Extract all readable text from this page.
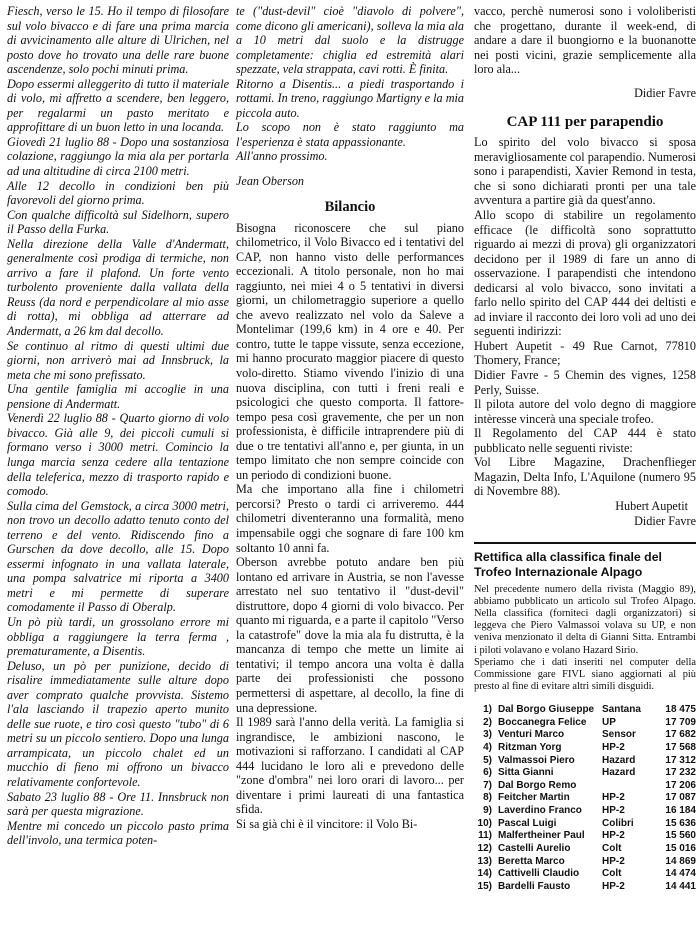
Fiesch, verso le 15. Ho il tempo di filosofare sul volo bivacco e di fare una prima marcia di avvicinamento alle alture di Ulrichen, nel posto dove ho trovato una delle rare buone ascendenze, solo pochi minuti prima.

Dopo essermi alleggerito di tutto il materiale di volo, mi affretto a scendere, ben leggero, per regalarmi un pasto meritato e approfittare di un buon letto in una locanda.

Giovedì 21 luglio 88 - Dopo una sostanziosa colazione, raggiungo la mia ala per portarla ad una altitudine di circa 2100 metri.

Alle 12 decollo in condizioni ben più favorevoli del giorno prima.

Con qualche difficoltà sul Sidelhorn, supero il Passo della Furka.

Nella direzione della Valle d'Andermatt, generalmente così prodiga di termiche, non arrivo a fare il plafond. Un forte vento turbolento proveniente dalla vallata della Reuss (da nord e perpendicolare al mio asse di rotta), mi obbliga ad atterrare ad Andermatt, a 26 km dal decollo.

Se continuo al ritmo di questi ultimi due giorni, non arriverò mai ad Innsbruck, la meta che mi sono prefissato.

Una gentile famiglia mi accoglie in una pensione di Andermatt.

Venerdì 22 luglio 88 - Quarto giorno di volo bivacco. Già alle 9, dei piccoli cumuli si formano verso i 3000 metri. Comincio la lunga marcia senza cedere alla tentazione della teleferica, mezzo di trasporto rapido e comodo.

Sulla cima del Gemstock, a circa 3000 metri, non trovo un decollo adatto tenuto conto del terreno e del vento. Ridiscendo fino a Gurschen da dove decollo, alle 15. Dopo essermi infognato in una vallata laterale, una pompa salvatrice mi riporta a 3400 metri e mi permette di superare comodamente il Passo di Oberalp.

Un pò più tardi, un grossolano errore mi obbliga a raggiungere la terra ferma , prematuramente, a Disentis.

Deluso, un pò per punizione, decido di risalire immediatamente sulle alture dopo aver comprato qualche provvista. Sistemo l'ala lasciando il trapezio aperto munito delle sue ruote, e tiro così questo "tubo" di 6 metri su un piccolo sentiero. Dopo una lunga arrampicata, un piccolo chalet ed un mucchio di fieno mi offrono un bivacco relativamente confortevole.

Sabato 23 luglio 88 - Ore 11. Innsbruck non sarà per questa migrazione.

Mentre mi concedo un piccolo pasto prima dell'involo, una termica poten-

te ("dust-devil" cioè "diavolo di polvere", come dicono gli americani), solleva la mia ala a 10 metri dal suolo e la distrugge completamente: chiglia ed estremità alari spezzate, vela strappata, cavi rotti. È finita.

Ritorno a Disentis... a piedi trasportando i rottami. In treno, raggiungo Martigny e la mia piccola auto.

Lo scopo non è stato raggiunto ma l'esperienza è stata appassionante.

All'anno prossimo.

Jean Oberson
Bilancio

Bisogna riconoscere che sul piano chilometrico, il Volo Bivacco ed i tentativi del CAP, non hanno visto delle performances eccezionali. A titolo personale, non ho mai raggiunto, nei miei 4 o 5 tentativi in diversi giorni, un chilometraggio superiore a quello che avevo realizzato nel volo da Saleve a Montelimar (199,6 km) in 4 ore e 40. Per contro, tutte le tappe vissute, senza eccezione, mi hanno procurato maggior piacere di questo volo-diretto. Stiamo vivendo l'inizio di una nuova disciplina, con tutti i freni reali e psicologici che questo comporta. Il fattore-tempo pesa così gravemente, che per un non professionista, è difficile intraprendere più di due o tre tentativi all'anno e, per giunta, in un tempo limitato che non sempre coincide con un periodo di condizioni buone.

Ma che importano alla fine i chilometri percorsi? Presto o tardi ci arriveremo. 444 chilometri diventeranno una formalità, meno impensabile oggi che sognare di fare 100 km soltanto 10 anni fa.

Oberson avrebbe potuto andare ben più lontano ed arrivare in Austria, se non l'avesse arrestato nel suo tentativo il "dust-devil" distruttore, dopo 4 giorni di volo bivacco. Per quanto mi riguarda, e a parte il capitolo "Verso la catastrofe" dove la mia ala fu distrutta, è la mancanza di tempo che mette un limite ai tentativi; il tempo ancora una volta è dalla parte dei professionisti che possono permettersi di aspettare, al decollo, la fine di una depressione.

Il 1989 sarà l'anno della verità. La famiglia si ingrandisce, le ambizioni nascono, le motivazioni si rafforzano. I candidati al CAP 444 lucidano le loro ali e prevedono delle "zone d'ombra" nei loro orari di lavoro... per diventare i primi laureati di una fantastica sfida.

Si sa già chi è il vincitore: il Volo Bi-

vacco, perchè numerosi sono i vololiberisti che progettano, durante il week-end, di andare a dare il buongiorno e la buonanotte nei posti vicini, grazie semplicemente alla loro ala...

Didier Favre

CAP 111 per parapendio

Lo spirito del volo bivacco si sposa meravigliosamente col parapendio. Numerosi sono i parapendisti, Xavier Remond in testa, che si sono dichiarati pronti per una tale avventura a partire già da quest'anno.

Allo scopo di stabilire un regolamento efficace (le difficoltà sono soprattutto riguardo ai mezzi di prova) gli organizzatori decidono per il 1989 di fare un anno di osservazione. I parapendisti che intendono dedicarsi al volo bivacco, sono invitati a farlo nello spirito del CAP 444 dei deltisti e ad inviare il racconto dei loro voli ad uno dei seguenti indirizzi:

Hubert Aupetit - 49 Rue Carnot, 77810 Thomery, France;

Didier Favre - 5 Chemin des vignes, 1258 Perly, Suisse.

Il pilota autore del volo degno di maggiore intèresse vincerà una speciale trofeo.

Il Regolamento del CAP 444 è stato pubblicato nelle seguenti riviste:

Vol Libre Magazine, Drachenflieger Magazin, Delta Info, L'Aquilone (numero 95 di Novembre 88).

Hubert Aupetit

Didier Favre

Rettifica alla classifica finale del Trofeo Internazionale Alpago

Nel precedente numero della rivista (Maggio 89), abbiamo pubblicato un articolo sul Trofeo Alpago. Nella classifica (forniteci dagli organizzatori) si leggeva che Piero Valmassoi volava su UP, e non veniva menzionato il delta di Gianni Sitta. Entrambi i piloti volavano e volano Hazard Sirio.

Speriamo che i dati inseriti nel computer della Commissione gare FIVL siano aggiornati al più presto al fine di evitare altri simili disguidi.

1)	Dal Borgo Giuseppe	Santana	18 475
2)	Boccanegra Felice	UP	17 709
3)	Venturi Marco	Sensor	17 682
4)	Ritzman Yorg	HP-2	17 568
5)	Valmassoi Piero	Hazard	17 312
6)	Sitta Gianni	Hazard	17 232
7)	Dal Borgo Remo		17 206
8)	Feitcher Martin	HP-2	17 087
9)	Laverdino Franco	HP-2	16 184
10)	Pascal Luigi	Colibri	15 636
11)	Malfertheiner Paul	HP-2	15 560
12)	Castelli Aurelio	Colt	15 016
13)	Beretta Marco	HP-2	14 869
14)	Cattivelli Claudio	Colt	14 474
15)	Bardelli Fausto	HP-2	14 441
